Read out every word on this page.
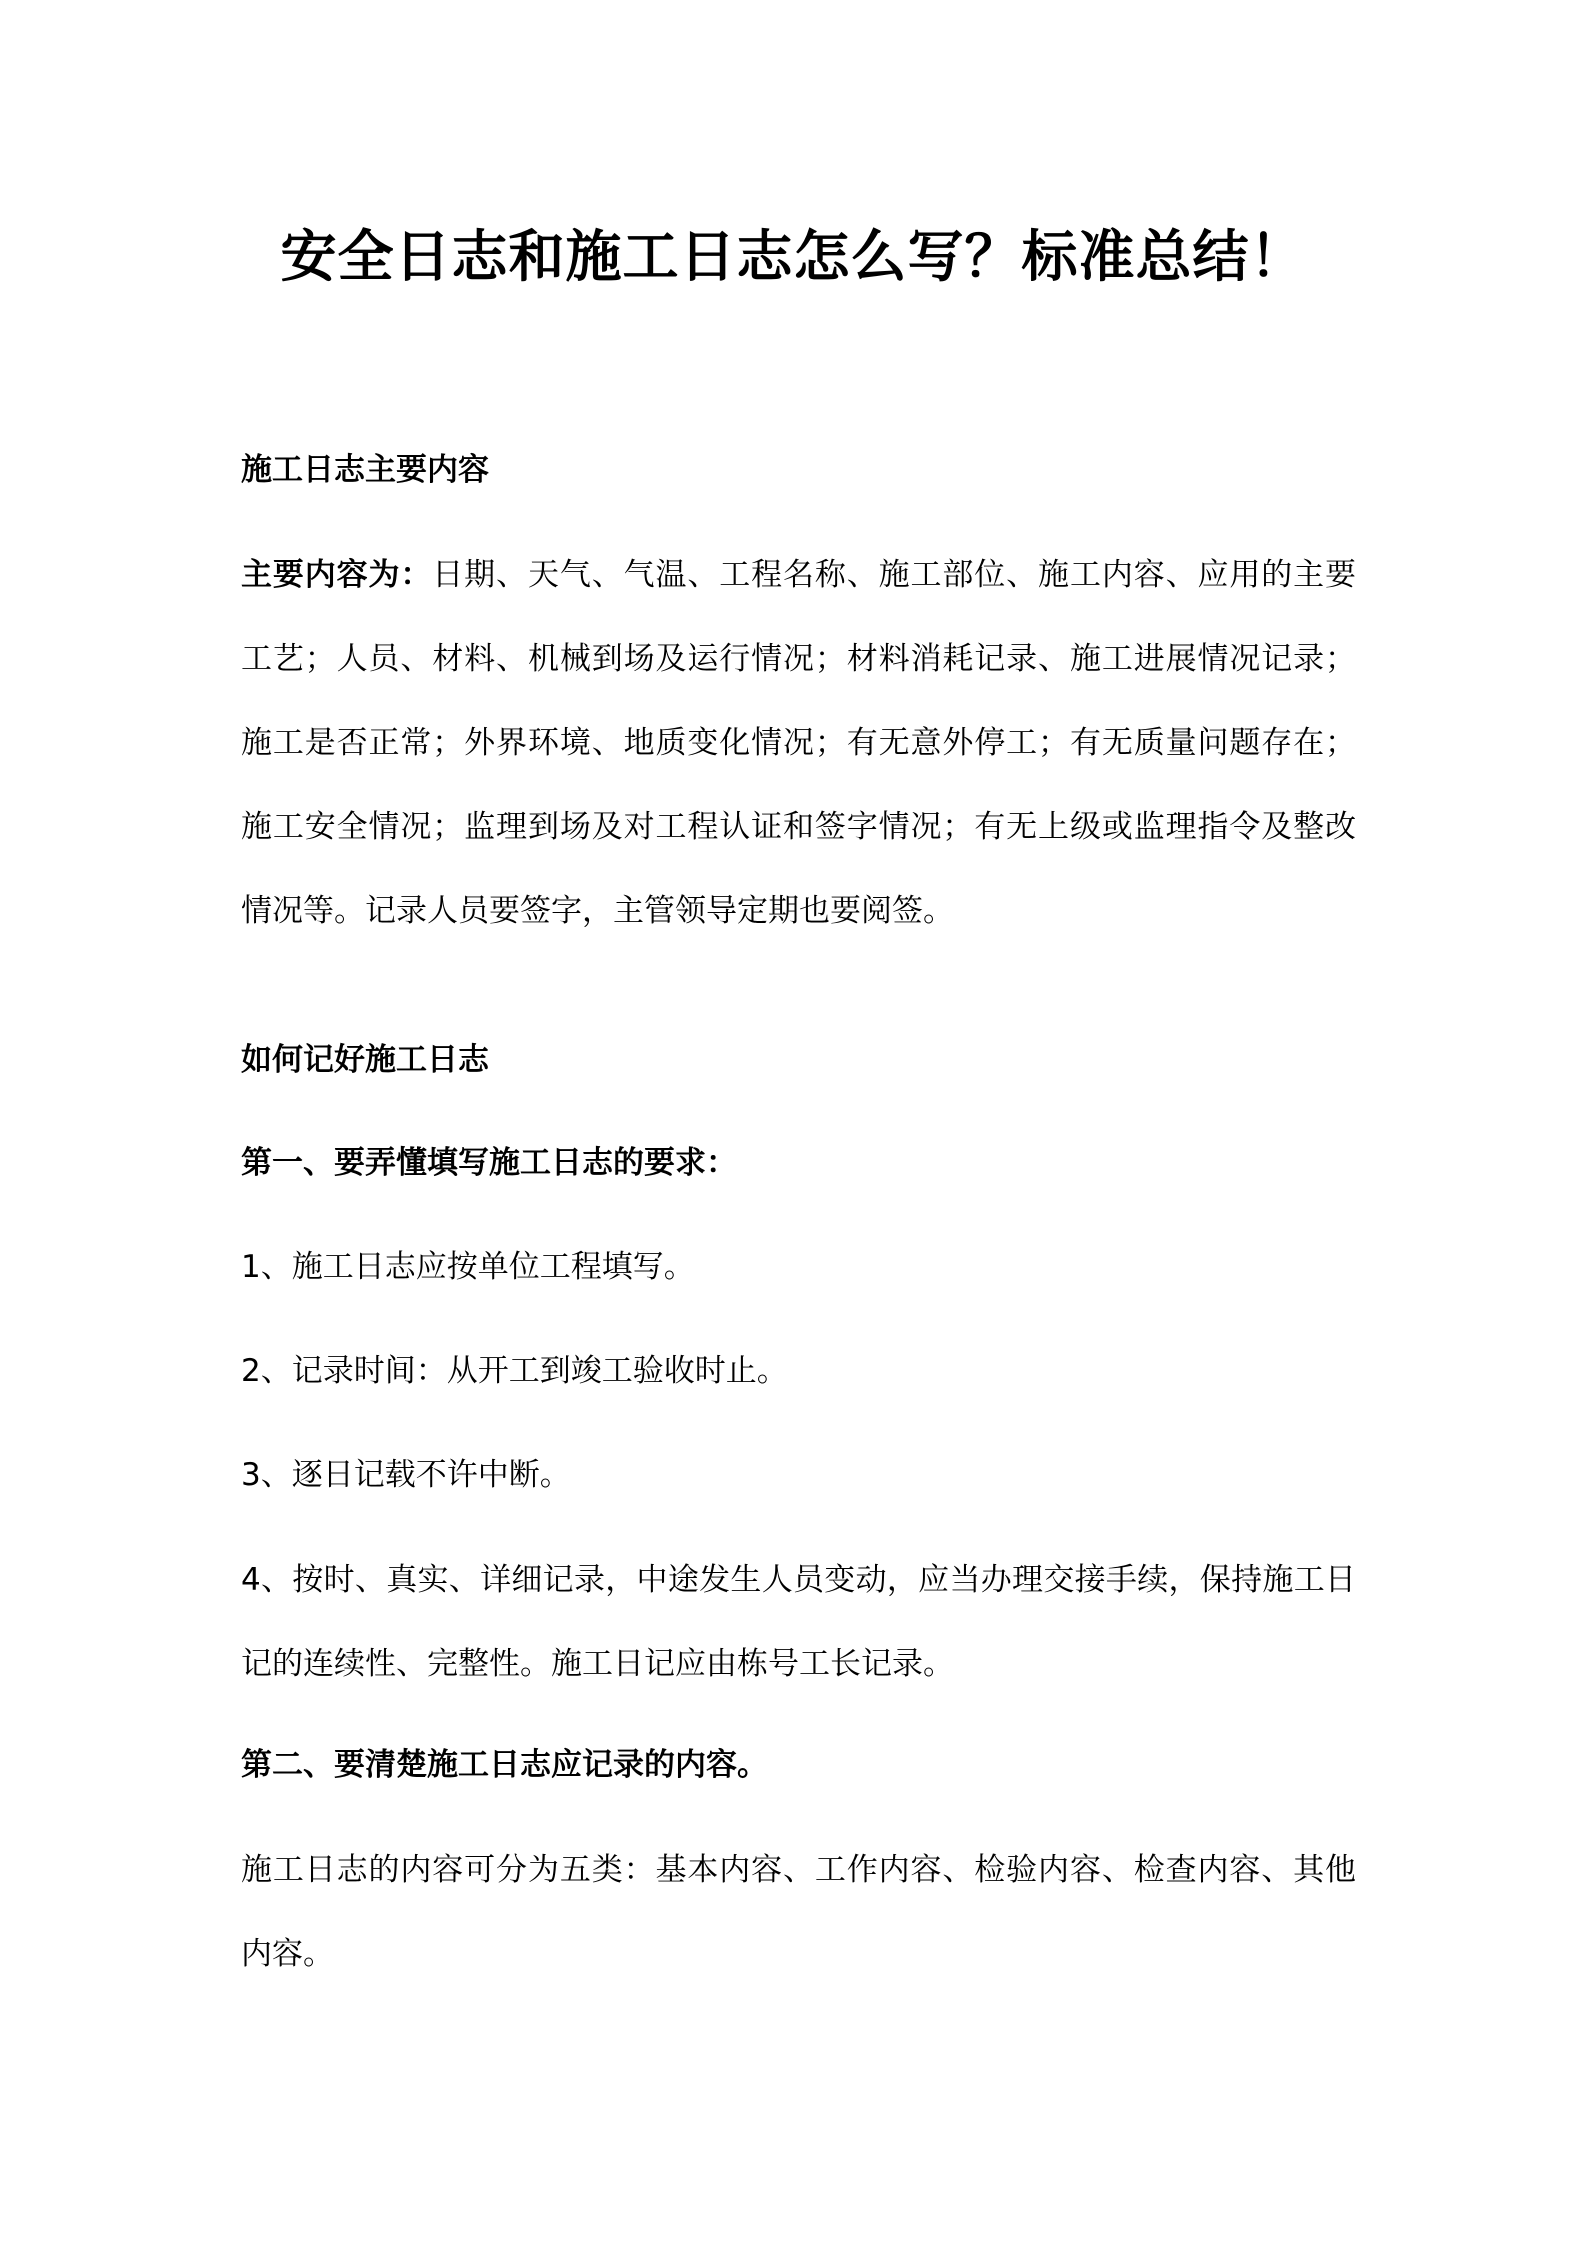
安全日志和施工日志怎么写？标准总结！
施工日志主要内容
主要内容为：日期、天气、气温、工程名称、施工部位、施工内容、应用的主要工艺；人员、材料、机械到场及运行情况；材料消耗记录、施工进展情况记录；施工是否正常；外界环境、地质变化情况；有无意外停工；有无质量问题存在；施工安全情况；监理到场及对工程认证和签字情况；有无上级或监理指令及整改情况等。记录人员要签字，主管领导定期也要阅签。
如何记好施工日志
第一、要弄懂填写施工日志的要求：
1、施工日志应按单位工程填写。
2、记录时间：从开工到竣工验收时止。
3、逐日记载不许中断。
4、按时、真实、详细记录，中途发生人员变动，应当办理交接手续，保持施工日记的连续性、完整性。施工日记应由栋号工长记录。
第二、要清楚施工日志应记录的内容。
施工日志的内容可分为五类：基本内容、工作内容、检验内容、检查内容、其他内容。
